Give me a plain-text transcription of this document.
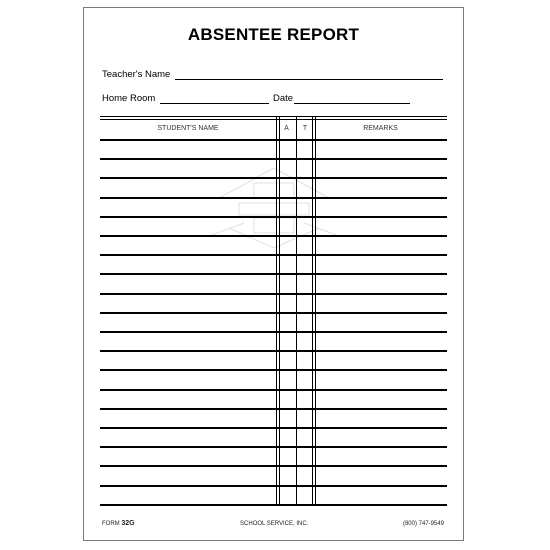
ABSENTEE REPORT
Teacher's Name
Home Room	Date
STUDENT'S NAME	A	T	REMARKS
FORM 32G	SCHOOL SERVICE, INC.	(800) 747-9549
